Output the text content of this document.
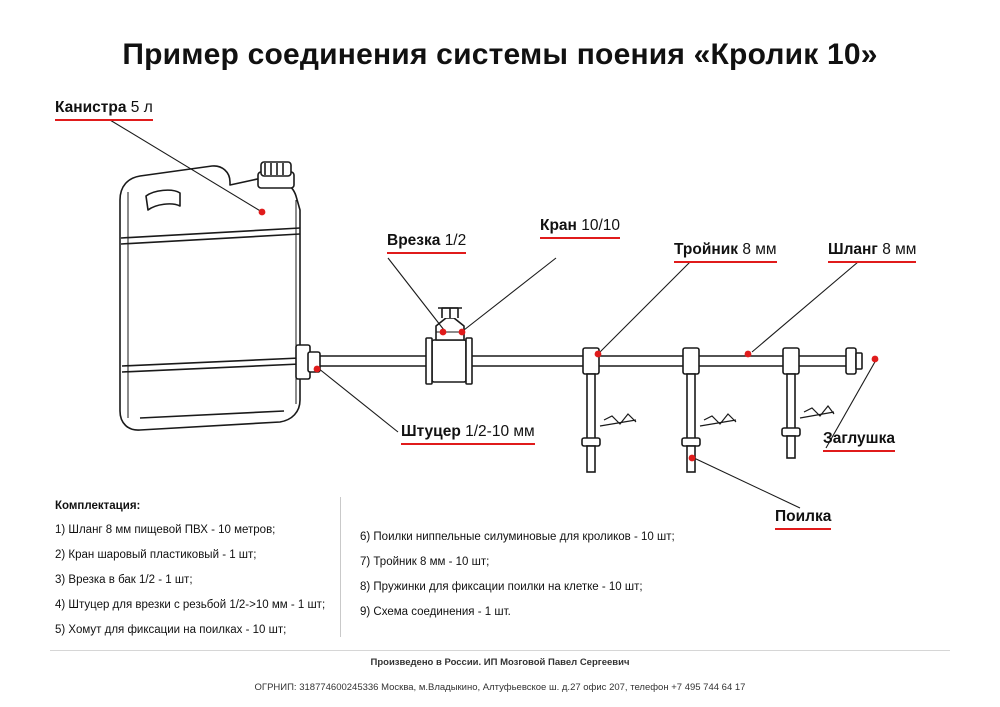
Пример соединения системы поения «Кролик 10»
Канистра 5 л
Врезка 1/2
Кран 10/10
Тройник 8 мм	Шланг 8 мм
Штуцер 1/2-10 мм	Заглушка
Поилка
Комплектация:
1) Шланг 8 мм пищевой ПВХ - 10 метров;
2) Кран шаровый пластиковый - 1 шт;
3) Врезка в бак 1/2 - 1 шт;
4) Штуцер для врезки с резьбой 1/2->10 мм - 1 шт;
5) Хомут для фиксации на поилках - 10 шт;
6) Поилки ниппельные силуминовые для кроликов - 10 шт;
7) Тройник 8 мм - 10 шт;
8) Пружинки для фиксации поилки на клетке - 10 шт;
9) Схема соединения - 1 шт.
Произведено в России. ИП Мозговой Павел Сергеевич
ОГРНИП: 318774600245336 Москва, м.Владыкино, Алтуфьевское ш. д.27 офис 207, телефон +7 495 744 64 17
